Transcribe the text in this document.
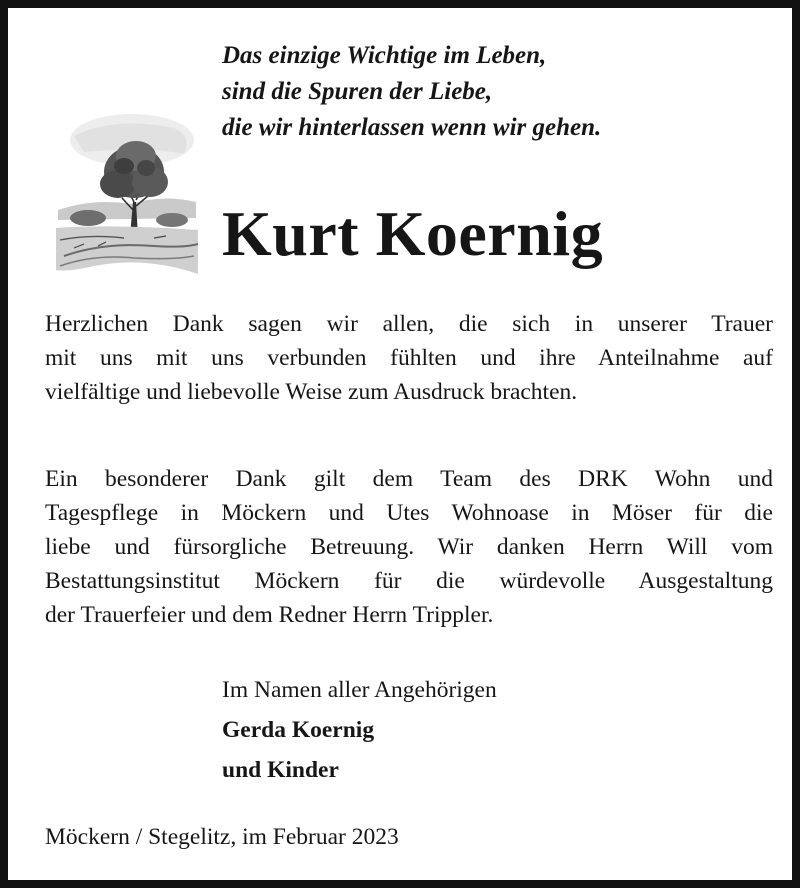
Das einzige Wichtige im Leben,
sind die Spuren der Liebe,
die wir hinterlassen wenn wir gehen.
Kurt Koernig
Herzlichen Dank sagen wir allen, die sich in unserer Trauer
mit uns mit uns verbunden fühlten und ihre Anteilnahme auf
vielfältige und liebevolle Weise zum Ausdruck brachten.
Ein besonderer Dank gilt dem Team des DRK Wohn und
Tagespflege in Möckern und Utes Wohnoase in Möser für die
liebe und fürsorgliche Betreuung. Wir danken Herrn Will vom
Bestattungsinstitut Möckern für die würdevolle Ausgestaltung
der Trauerfeier und dem Redner Herrn Trippler.
Im Namen aller Angehörigen
Gerda Koernig
und Kinder
Möckern / Stegelitz, im Februar 2023
